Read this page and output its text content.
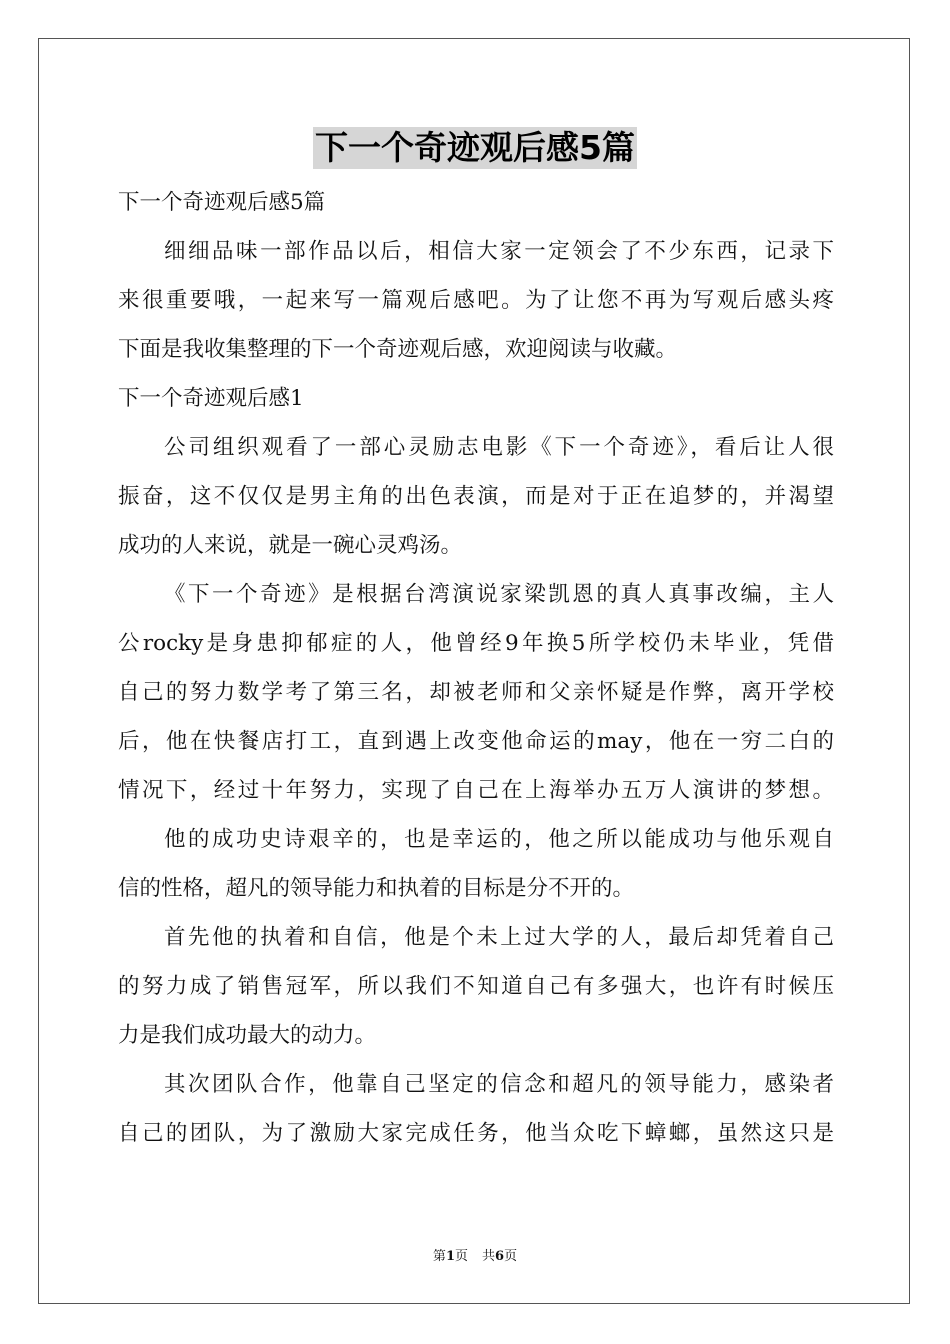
下一个奇迹观后感5篇
下一个奇迹观后感5篇
细细品味一部作品以后，相信大家一定领会了不少东西，记录下
来很重要哦，一起来写一篇观后感吧。为了让您不再为写观后感头疼
下面是我收集整理的下一个奇迹观后感，欢迎阅读与收藏。
下一个奇迹观后感1
公司组织观看了一部心灵励志电影《下一个奇迹》，看后让人很
振奋，这不仅仅是男主角的出色表演，而是对于正在追梦的，并渴望
成功的人来说，就是一碗心灵鸡汤。
《下一个奇迹》是根据台湾演说家梁凯恩的真人真事改编，主人
公rocky是身患抑郁症的人，他曾经9年换5所学校仍未毕业，凭借
自己的努力数学考了第三名，却被老师和父亲怀疑是作弊，离开学校
后，他在快餐店打工，直到遇上改变他命运的may，他在一穷二白的
情况下，经过十年努力，实现了自己在上海举办五万人演讲的梦想。
他的成功史诗艰辛的，也是幸运的，他之所以能成功与他乐观自
信的性格，超凡的领导能力和执着的目标是分不开的。
首先他的执着和自信，他是个未上过大学的人，最后却凭着自己
的努力成了销售冠军，所以我们不知道自己有多强大，也许有时候压
力是我们成功最大的动力。
其次团队合作，他靠自己坚定的信念和超凡的领导能力，感染者
自己的团队，为了激励大家完成任务，他当众吃下蟑螂，虽然这只是
第1页 共6页
